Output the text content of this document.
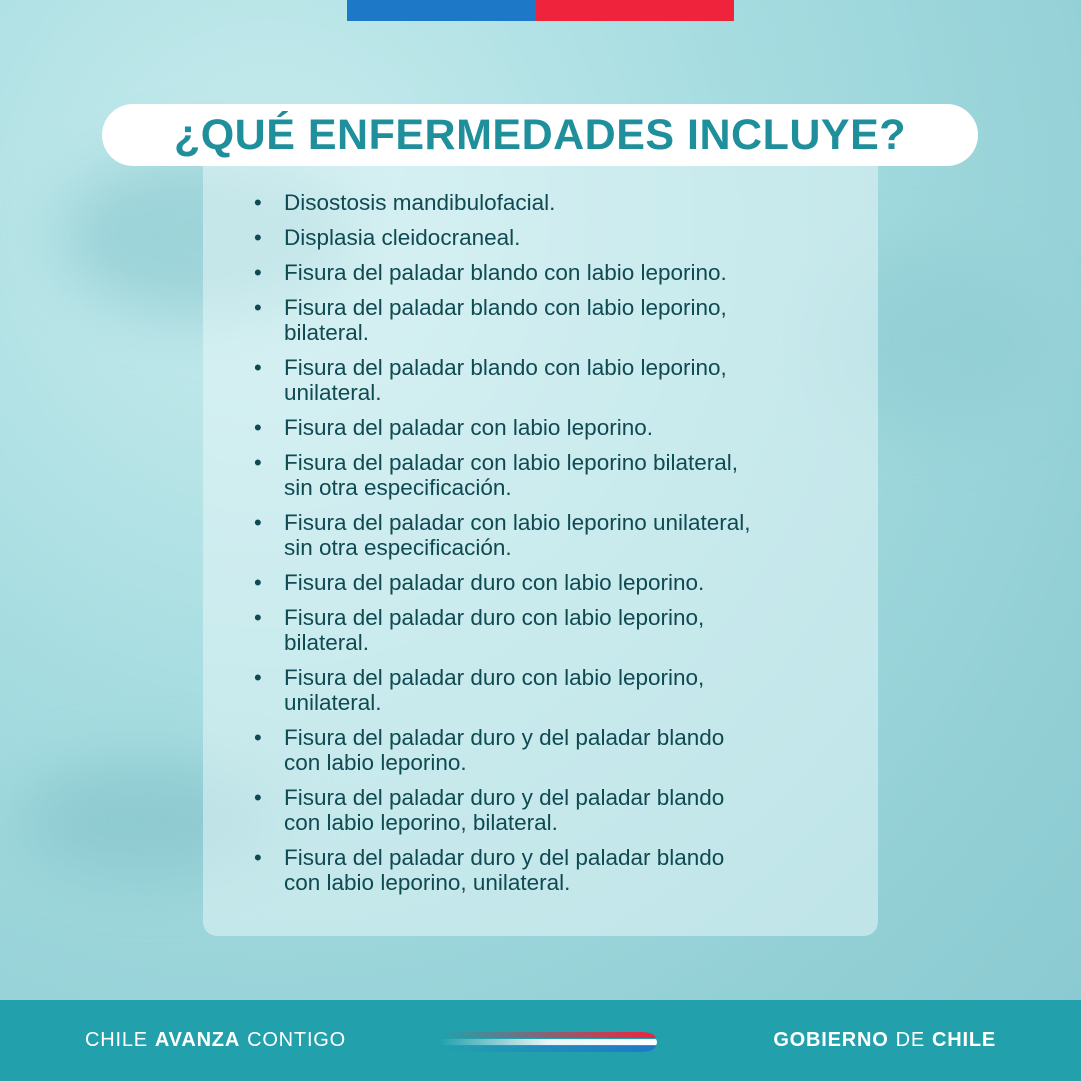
¿QUÉ ENFERMEDADES INCLUYE?
• Disostosis mandibulofacial.
• Displasia cleidocraneal.
• Fisura del paladar blando con labio leporino.
• Fisura del paladar blando con labio leporino,
bilateral.
• Fisura del paladar blando con labio leporino,
unilateral.
• Fisura del paladar con labio leporino.
• Fisura del paladar con labio leporino bilateral,
sin otra especificación.
• Fisura del paladar con labio leporino unilateral,
sin otra especificación.
• Fisura del paladar duro con labio leporino.
• Fisura del paladar duro con labio leporino,
bilateral.
• Fisura del paladar duro con labio leporino,
unilateral.
• Fisura del paladar duro y del paladar blando
con labio leporino.
• Fisura del paladar duro y del paladar blando
con labio leporino, bilateral.
• Fisura del paladar duro y del paladar blando
con labio leporino, unilateral.
CHILE AVANZA CONTIGO	GOBIERNO DE CHILE
